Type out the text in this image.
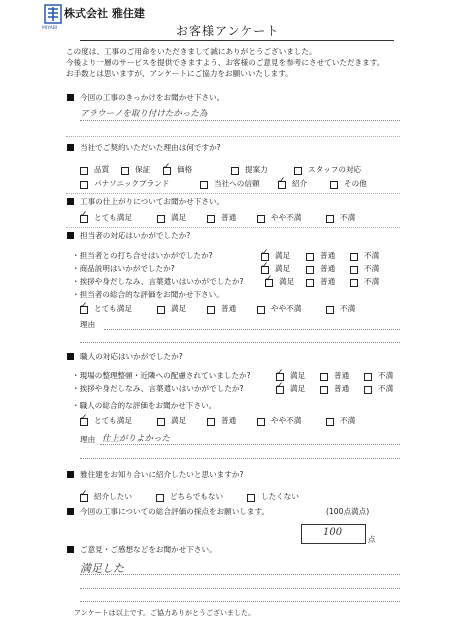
MIYABI
株式会社 雅住建
お客様アンケート
この度は、工事のご用命をいただきまして誠にありがとうございました。
今後より一層のサービスを提供できますよう、お客様のご意見を参考にさせていただきます。
お手数とは思いますが、アンケートにご協力をお願いいたします。
今回の工事のきっかけをお聞かせ下さい。
アラウーノを取り付けたかった為
当社でご契約いただいた理由は何ですか?
品質	保証 ✓ 価格	提案力	スタッフの対応
パナソニックブランド	当社への信頼 ✓ 紹介	その他
工事の仕上がりについてお聞かせ下さい。
✓ とても満足	満足	普通	やや不満	不満
担当者の対応はいかがでしたか?
・担当者との打ち合せはいかがでしたか?	✓ 満足	普通	不満
・商品説明はいかがでしたか?	✓ 満足	普通	不満
・挨拶や身だしなみ、言葉遣いはいかがでしたか? ✓ 満足	普通	不満
・担当者の総合的な評価をお聞かせ下さい。
✓ とても満足	満足	普通	やや不満	不満
理由
職人の対応はいかがでしたか?
・現場の整理整頓・近隣への配慮されていましたか?	✓ 満足	普通	不満
・挨拶や身だしなみ、言葉遣いはいかがでしたか?	✓ 満足	普通	不満
・職人の総合的な評価をお聞かせ下さい。
✓ とても満足	満足	普通	やや不満	不満
理由 仕上がりよかった
雅住建をお知り合いに紹介したいと思いますか?
✓ 紹介したい	どちらでもない	したくない
今回の工事についての総合評価の採点をお願いします。	(100点満点)
100
点
ご意見・ご感想などをお聞かせ下さい。
満足した
アンケートは以上です。ご協力ありがとうございました。
